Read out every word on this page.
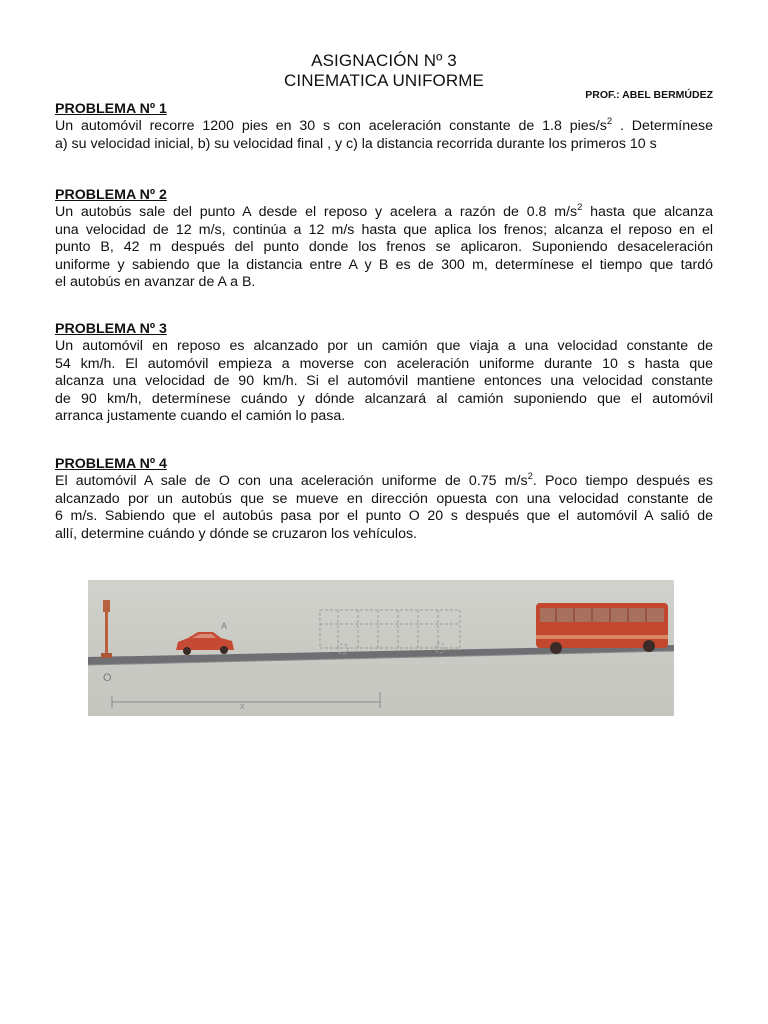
ASIGNACIÓN Nº 3
CINEMATICA UNIFORME
PROF.: ABEL BERMÚDEZ
PROBLEMA Nº 1
Un automóvil recorre 1200 pies en 30 s con aceleración constante de 1.8 pies/$s^2$ . Determínese
a) su velocidad inicial, b) su velocidad final , y c) la distancia recorrida durante los primeros 10 s
PROBLEMA Nº 2
Un autobús sale del punto A desde el reposo y acelera a razón de 0.8 $m/s^2$ hasta que alcanza
una velocidad de 12 m/s, continúa a 12 m/s hasta que aplica los frenos; alcanza el reposo en el
punto B, 42 m después del punto donde los frenos se aplicaron. Suponiendo desaceleración
uniforme y sabiendo que la distancia entre A y B es de 300 m, determínese el tiempo que tardó
el autobús en avanzar de A a B.
PROBLEMA Nº 3
Un automóvil en reposo es alcanzado por un camión que viaja a una velocidad constante de
54 km/h. El automóvil empieza a moverse con aceleración uniforme durante 10 s hasta que
alcanza una velocidad de 90 km/h. Si el automóvil mantiene entonces una velocidad constante
de 90 km/h, determínese cuándo y dónde alcanzará al camión suponiendo que el automóvil
arranca justamente cuando el camión lo pasa.
PROBLEMA Nº 4
El automóvil A sale de O con una aceleración uniforme de 0.75 $m/s^2$. Poco tiempo después es
alcanzado por un autobús que se mueve en dirección opuesta con una velocidad constante de
6 m/s. Sabiendo que el autobús pasa por el punto O 20 s después que el automóvil A salió de
allí, determine cuándo y dónde se cruzaron los vehículos.
O
A
x
